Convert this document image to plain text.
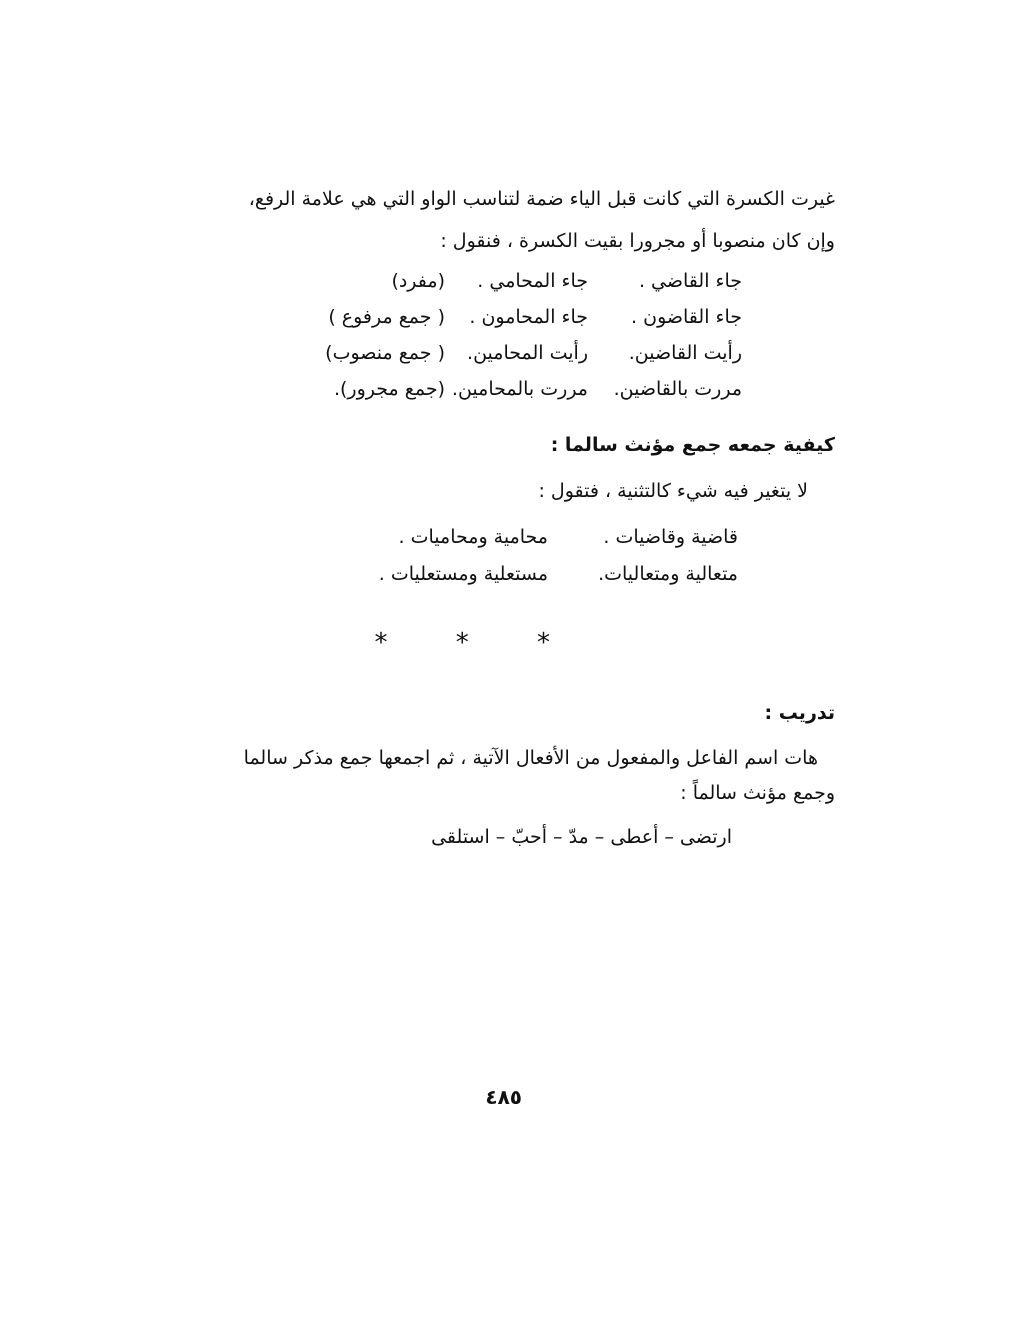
غيرت الكسرة التي كانت قبل الياء ضمة لتناسب الواو التي هي علامة الرفع،
وإن كان منصوبا أو مجرورا بقيت الكسرة ، فنقول :
جاء القاضي .
جاء المحامي .
(مفرد)
جاء القاضون .
جاء المحامون .
( جمع مرفوع )
رأيت القاضين.
رأيت المحامين.
( جمع منصوب)
مررت بالقاضين.
مررت بالمحامين.
(جمع مجرور).
كيفية جمعه جمع مؤنث سالما :
لا يتغير فيه شيء كالتثنية ، فتقول :
قاضية وقاضيات .
محامية ومحاميات .
متعالية ومتعاليات.
مستعلية ومستعليات .
* * *
تدريب :
هات اسم الفاعل والمفعول من الأفعال الآتية ، ثم اجمعها جمع مذكر سالما
وجمع مؤنث سالماً :
ارتضى – أعطى – مدّ – أحبّ – استلقى
٤٨٥
